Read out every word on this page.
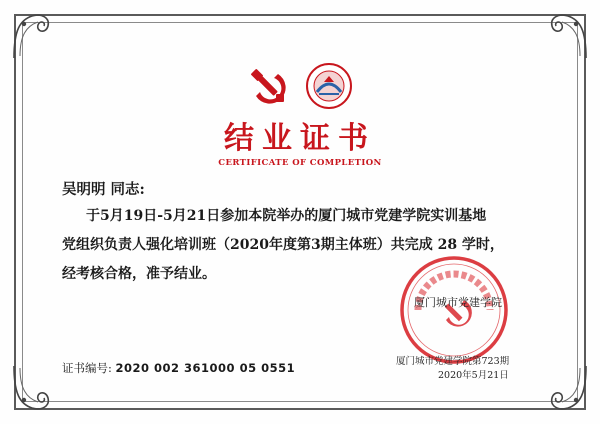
结业证书
CERTIFICATE OF COMPLETION
吴明明 同志:
于5月19日-5月21日参加本院举办的厦门城市党建学院实训基地
党组织负责人强化培训班（2020年度第3期主体班）共完成 28 学时，
经考核合格，准予结业。
厦门城市党建学院
证书编号: 2020 002 361000 05 0551	厦门城市党建学院第723期
2020年5月21日
